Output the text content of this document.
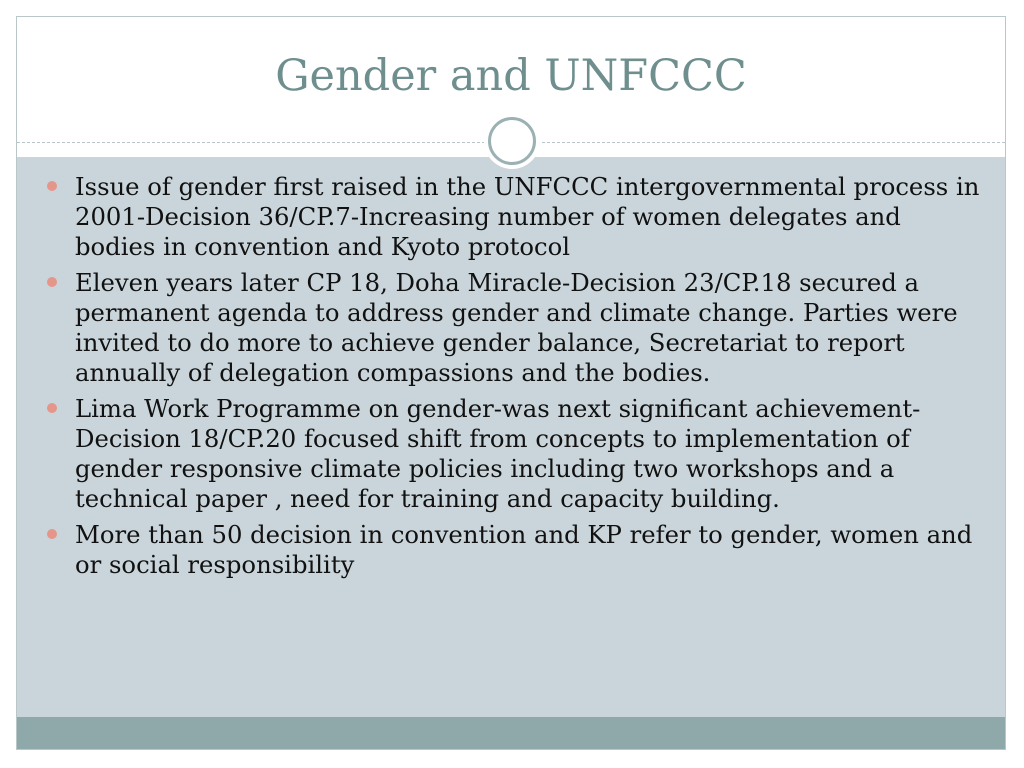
Gender and UNFCCC
Issue of gender first raised in the UNFCCC intergovernmental process in 2001-Decision 36/CP.7-Increasing number of women delegates and bodies in convention and Kyoto protocol
Eleven years later CP 18, Doha Miracle-Decision 23/CP.18 secured a permanent agenda to address gender and climate change. Parties were invited to do more to achieve gender balance, Secretariat to report annually of delegation compassions and the bodies.
Lima Work Programme on gender-was next significant achievement-Decision 18/CP.20 focused shift from concepts to implementation of gender responsive climate policies including two workshops and a technical paper , need for training and capacity building.
More than 50 decision in convention and KP refer to gender, women and or social responsibility
